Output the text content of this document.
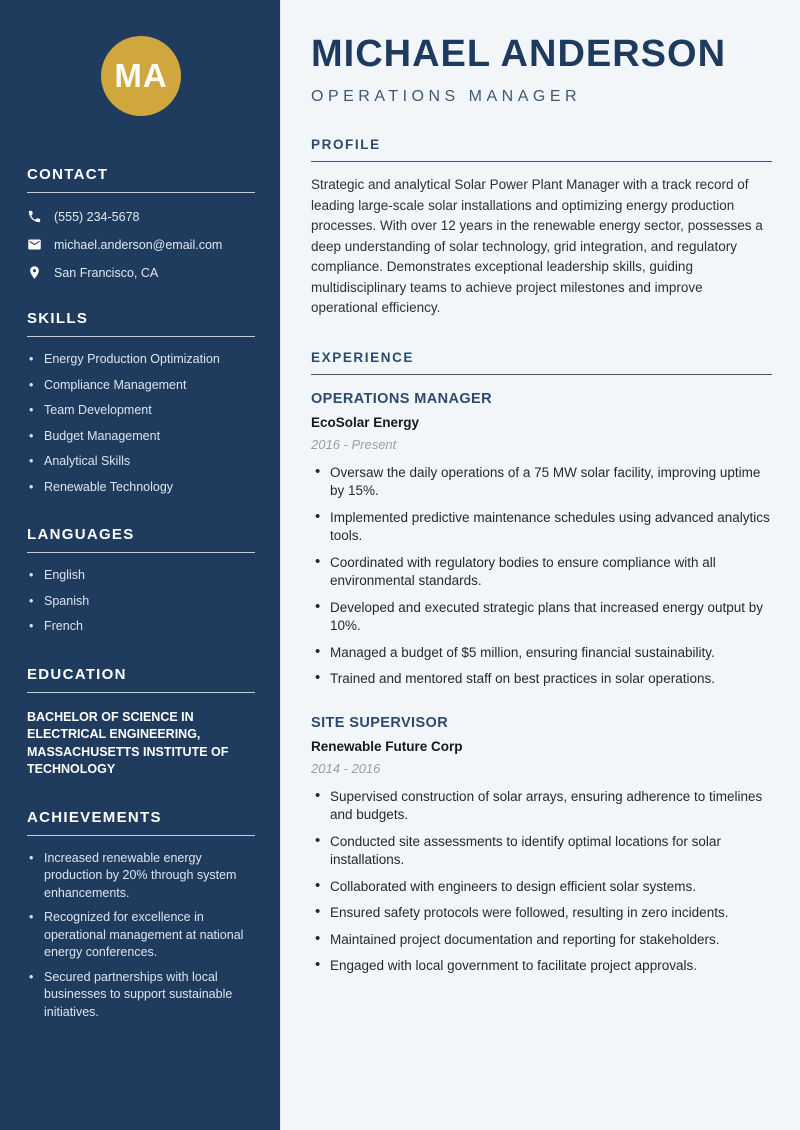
MA
CONTACT
(555) 234-5678
michael.anderson@email.com
San Francisco, CA
SKILLS
• Energy Production Optimization
• Compliance Management
• Team Development
• Budget Management
• Analytical Skills
• Renewable Technology
LANGUAGES
• English
• Spanish
• French
EDUCATION
BACHELOR OF SCIENCE IN ELECTRICAL ENGINEERING, MASSACHUSETTS INSTITUTE OF TECHNOLOGY
ACHIEVEMENTS
• Increased renewable energy production by 20% through system enhancements.
• Recognized for excellence in operational management at national energy conferences.
• Secured partnerships with local businesses to support sustainable initiatives.
MICHAEL ANDERSON
OPERATIONS MANAGER
PROFILE

Strategic and analytical Solar Power Plant Manager with a track record of leading large-scale solar installations and optimizing energy production processes. With over 12 years in the renewable energy sector, possesses a deep understanding of solar technology, grid integration, and regulatory compliance. Demonstrates exceptional leadership skills, guiding multidisciplinary teams to achieve project milestones and improve operational efficiency.

EXPERIENCE
OPERATIONS MANAGER
EcoSolar Energy
2016 - Present
• Oversaw the daily operations of a 75 MW solar facility, improving uptime by 15%.
• Implemented predictive maintenance schedules using advanced analytics tools.
• Coordinated with regulatory bodies to ensure compliance with all environmental standards.
• Developed and executed strategic plans that increased energy output by 10%.
• Managed a budget of $5 million, ensuring financial sustainability.
• Trained and mentored staff on best practices in solar operations.
SITE SUPERVISOR
Renewable Future Corp
2014 - 2016
• Supervised construction of solar arrays, ensuring adherence to timelines and budgets.
• Conducted site assessments to identify optimal locations for solar installations.
• Collaborated with engineers to design efficient solar systems.
• Ensured safety protocols were followed, resulting in zero incidents.
• Maintained project documentation and reporting for stakeholders.
• Engaged with local government to facilitate project approvals.
